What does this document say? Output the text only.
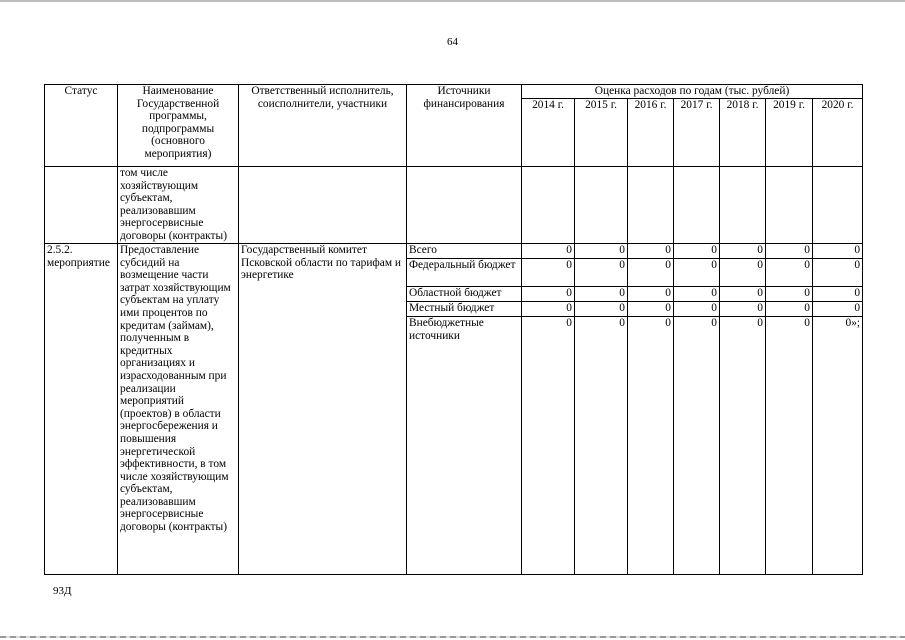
64
Статус	Наименование Государственной программы, подпрограммы (основного мероприятия)	Ответственный исполнитель, соисполнители, участники	Источники финансирования	Оценка расходов по годам (тыс. рублей)						
				2014 г.	2015 г.	2016 г.	2017 г.	2018 г.	2019 г.	2020 г.
	том числе хозяйствующим субъектам, реализовавшим энергосервисные договоры (контракты)									
2.5.2. мероприятие	Предоставление субсидий на возмещение части затрат хозяйствующим субъектам на уплату ими процентов по кредитам (займам), полученным в кредитных организациях и израсходованным при реализации мероприятий (проектов) в области энергосбережения и повышения энергетической эффективности, в том числе хозяйствующим субъектам, реализовавшим энергосервисные договоры (контракты)	Государственный комитет Псковской области по тарифам и энергетике	Всего	0	0	0	0	0	0	0
			Федеральный бюджет	0	0	0	0	0	0	0
			Областной бюджет	0	0	0	0	0	0	0
			Местный бюджет	0	0	0	0	0	0	0
			Внебюджетные источники	0	0	0	0	0	0	0»;
93Д
